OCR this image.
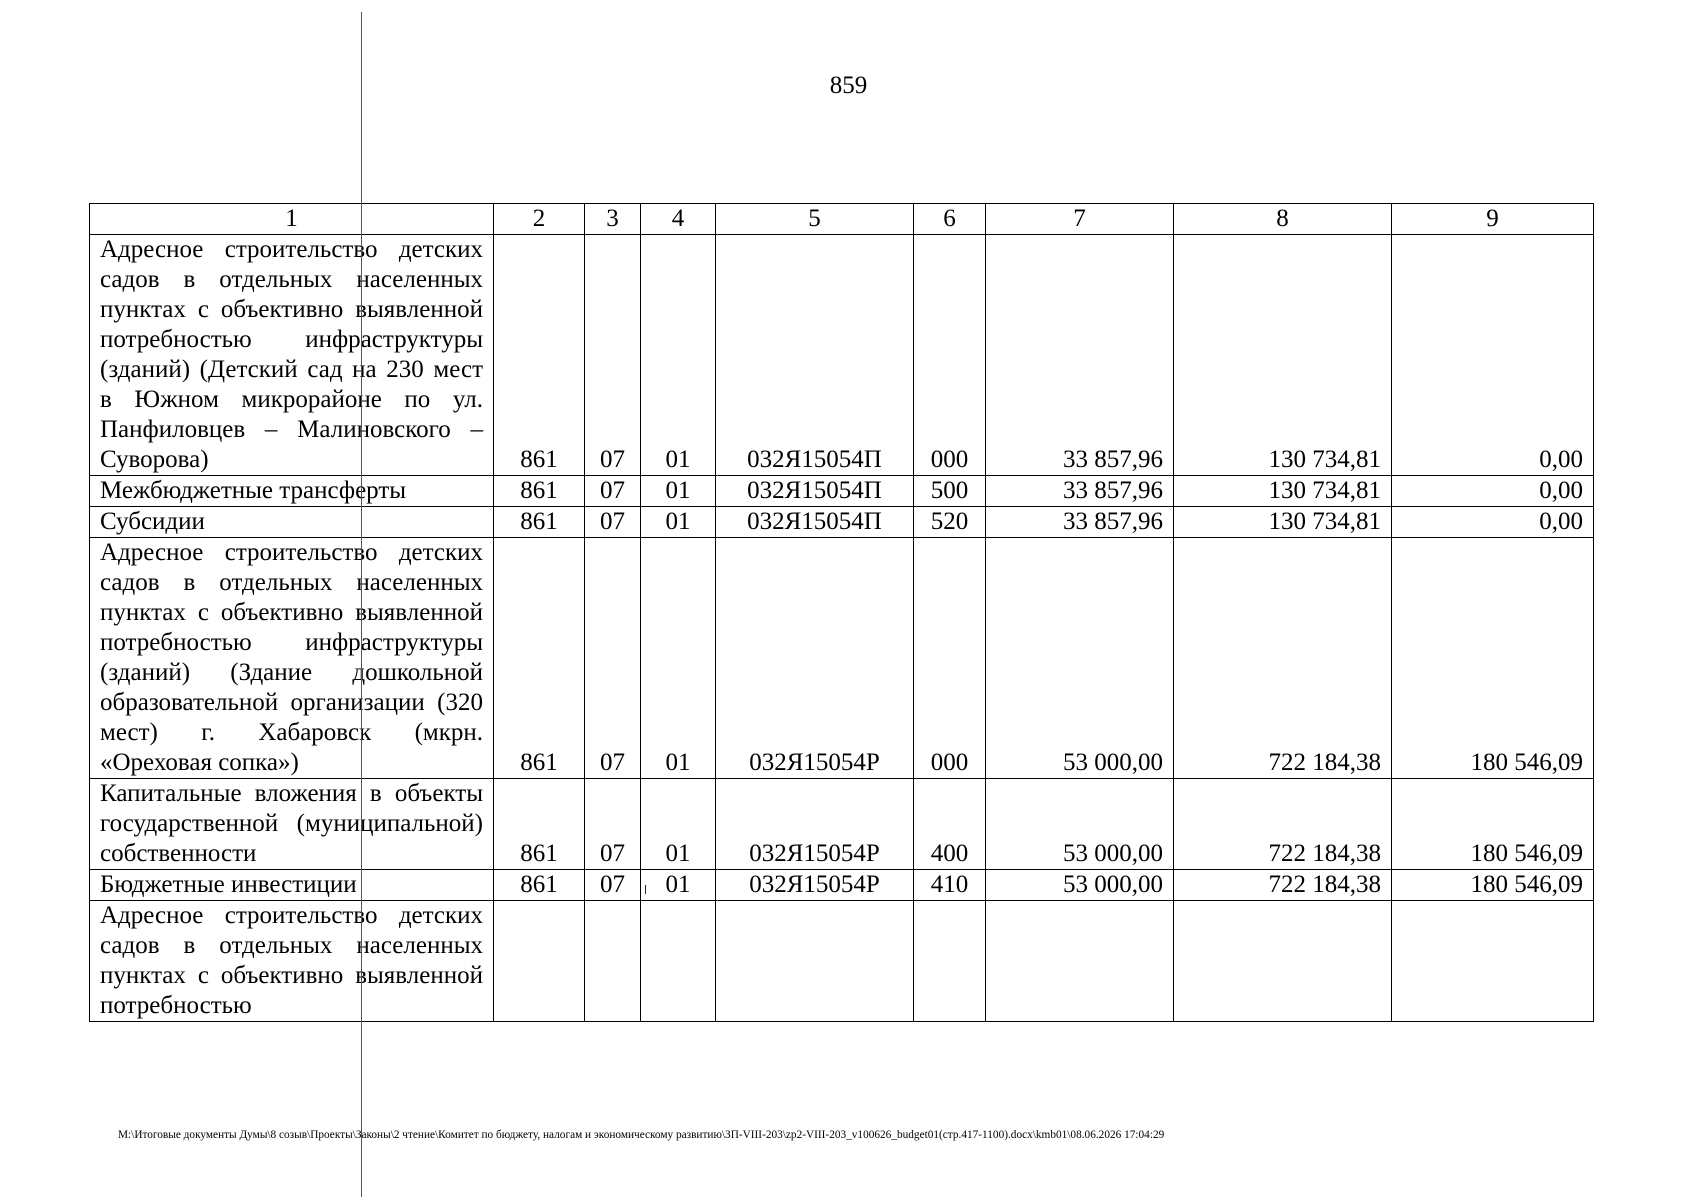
859
1	2	3	4	5	6	7	8	9
Адресное строительство детских садов в отдельных населенных пунктах с объективно выявленной потребностью инфраструктуры (зданий) (Детский сад на 230 мест в Южном микрорайоне по ул. Панфиловцев – Малиновского – Суворова)	861	07	01	032Я15054П	000	33 857,96	130 734,81	0,00
Межбюджетные трансферты	861	07	01	032Я15054П	500	33 857,96	130 734,81	0,00
Субсидии	861	07	01	032Я15054П	520	33 857,96	130 734,81	0,00
Адресное строительство детских садов в отдельных населенных пунктах с объективно выявленной потребностью инфраструктуры (зданий) (Здание дошкольной образовательной организации (320 мест) г. Хабаровск (мкрн. «Ореховая сопка»)	861	07	01	032Я15054Р	000	53 000,00	722 184,38	180 546,09
Капитальные вложения в объекты государственной (муниципальной) собственности	861	07	01	032Я15054Р	400	53 000,00	722 184,38	180 546,09
Бюджетные инвестиции	861	07	01	032Я15054Р	410	53 000,00	722 184,38	180 546,09
Адресное строительство детских садов в отдельных населенных пунктах с объективно выявленной потребностью								
M:\Итоговые документы Думы\8 созыв\Проекты\Законы\2 чтение\Комитет по бюджету, налогам и экономическому развитию\ЗП-VIII-203\zp2-VIII-203_v100626_budget01(стр.417-1100).docx\kmb01\08.06.2026 17:04:29
